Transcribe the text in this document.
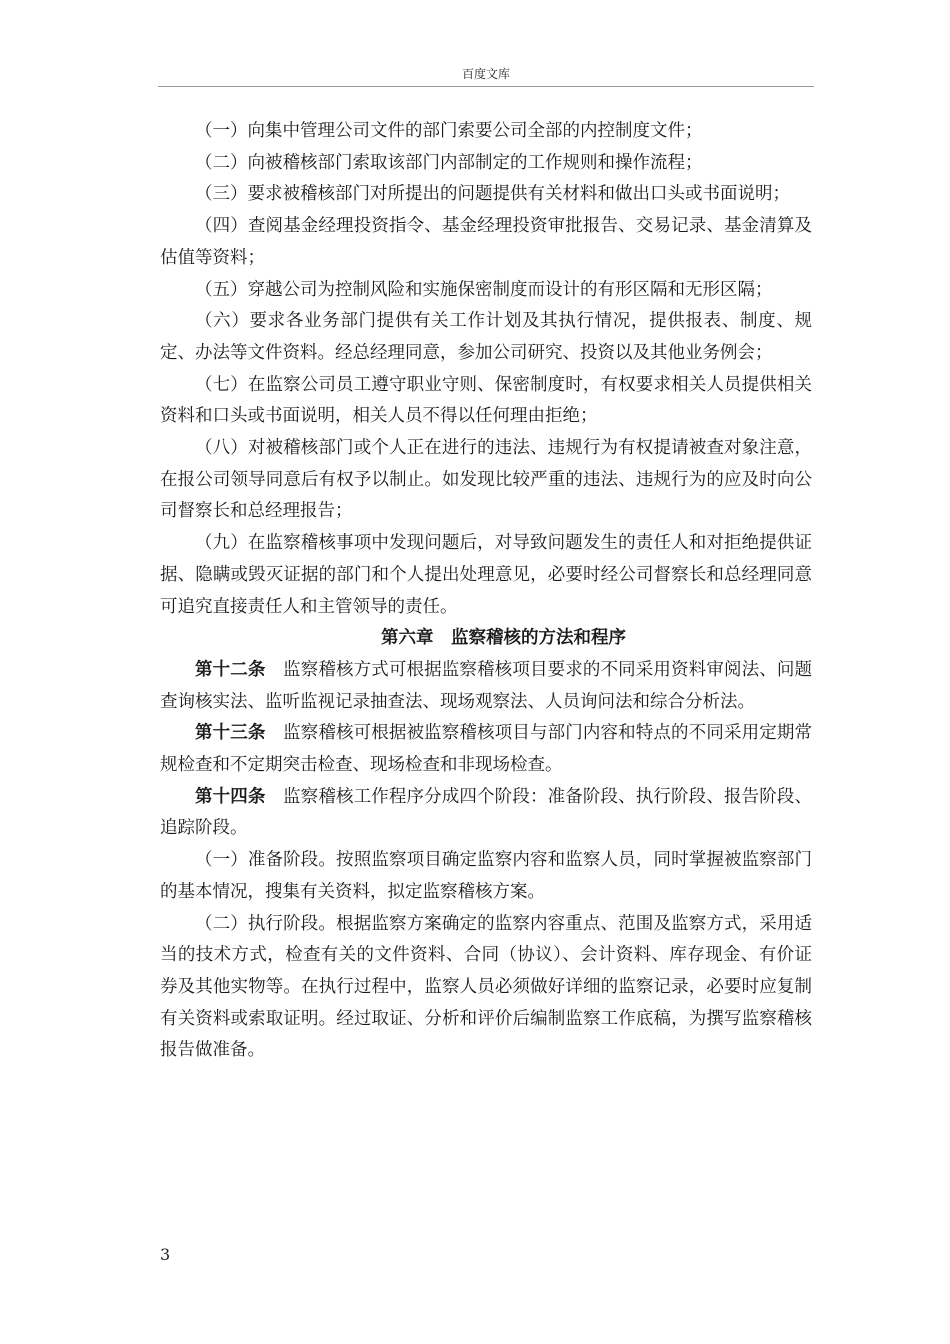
百度文库

（一）向集中管理公司文件的部门索要公司全部的内控制度文件；

（二）向被稽核部门索取该部门内部制定的工作规则和操作流程；

（三）要求被稽核部门对所提出的问题提供有关材料和做出口头或书面说明；

（四）查阅基金经理投资指令、基金经理投资审批报告、交易记录、基金清算及估值等资料；

（五）穿越公司为控制风险和实施保密制度而设计的有形区隔和无形区隔；

（六）要求各业务部门提供有关工作计划及其执行情况，提供报表、制度、规定、办法等文件资料。经总经理同意，参加公司研究、投资以及其他业务例会；

（七）在监察公司员工遵守职业守则、保密制度时，有权要求相关人员提供相关资料和口头或书面说明，相关人员不得以任何理由拒绝；

（八）对被稽核部门或个人正在进行的违法、违规行为有权提请被查对象注意，在报公司领导同意后有权予以制止。如发现比较严重的违法、违规行为的应及时向公司督察长和总经理报告；

（九）在监察稽核事项中发现问题后，对导致问题发生的责任人和对拒绝提供证据、隐瞒或毁灭证据的部门和个人提出处理意见，必要时经公司督察长和总经理同意可追究直接责任人和主管领导的责任。

第六章 监察稽核的方法和程序

第十二条 监察稽核方式可根据监察稽核项目要求的不同采用资料审阅法、问题查询核实法、监听监视记录抽查法、现场观察法、人员询问法和综合分析法。

第十三条 监察稽核可根据被监察稽核项目与部门内容和特点的不同采用定期常规检查和不定期突击检查、现场检查和非现场检查。

第十四条 监察稽核工作程序分成四个阶段：准备阶段、执行阶段、报告阶段、追踪阶段。

（一）准备阶段。按照监察项目确定监察内容和监察人员，同时掌握被监察部门的基本情况，搜集有关资料，拟定监察稽核方案。

（二）执行阶段。根据监察方案确定的监察内容重点、范围及监察方式，采用适当的技术方式，检查有关的文件资料、合同（协议）、会计资料、库存现金、有价证券及其他实物等。在执行过程中，监察人员必须做好详细的监察记录，必要时应复制有关资料或索取证明。经过取证、分析和评价后编制监察工作底稿，为撰写监察稽核报告做准备。

3
